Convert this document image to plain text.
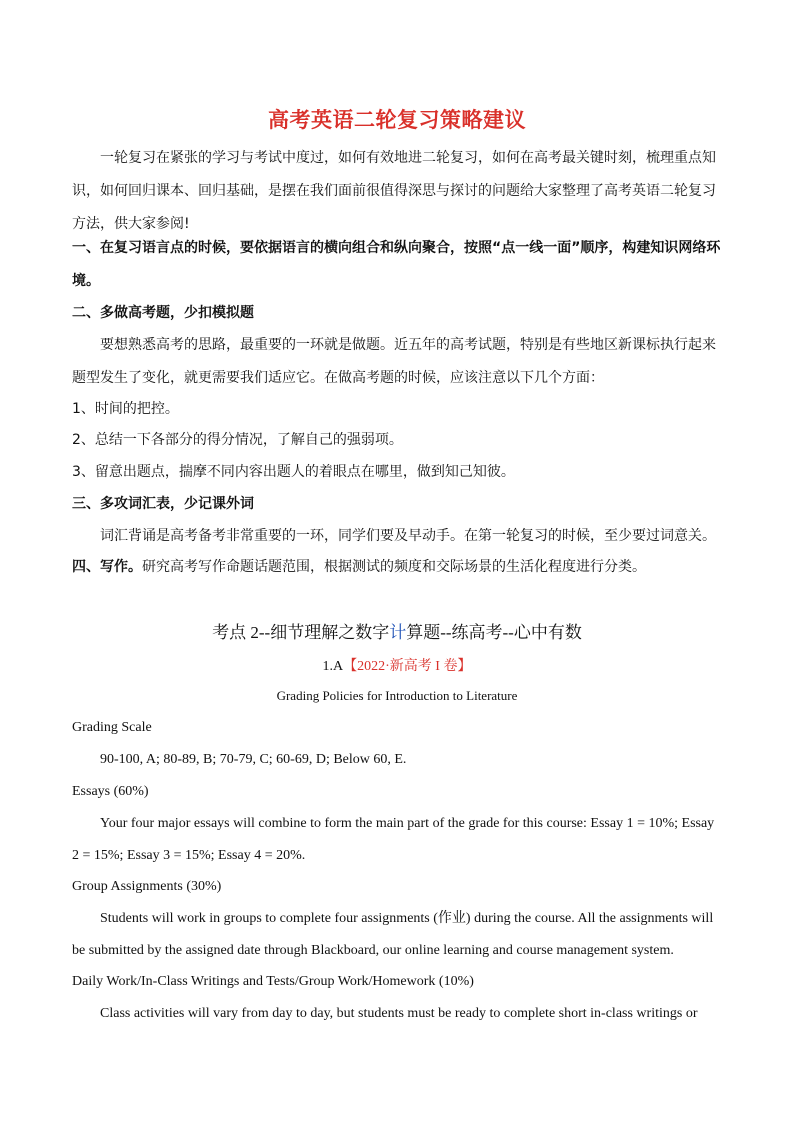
高考英语二轮复习策略建议
一轮复习在紧张的学习与考试中度过，如何有效地进二轮复习，如何在高考最关键时刻，梳理重点知识，如何回归课本、回归基础，是摆在我们面前很值得深思与探讨的问题给大家整理了高考英语二轮复习方法，供大家参阅!
一、在复习语言点的时候，要依据语言的横向组合和纵向聚合，按照“点一线一面”顺序，构建知识网络环境。
二、多做高考题，少扣模拟题
要想熟悉高考的思路，最重要的一环就是做题。近五年的高考试题，特别是有些地区新课标执行起来题型发生了变化，就更需要我们适应它。在做高考题的时候，应该注意以下几个方面：
1、时间的把控。
2、总结一下各部分的得分情况，了解自己的强弱项。
3、留意出题点，揣摩不同内容出题人的着眼点在哪里，做到知己知彼。
三、多攻词汇表，少记课外词
词汇背诵是高考备考非常重要的一环，同学们要及早动手。在第一轮复习的时候，至少要过词意关。
四、写作。研究高考写作命题话题范围，根据测试的频度和交际场景的生活化程度进行分类。
考点 2--细节理解之数字计算题--练高考--心中有数
1.A【2022·新高考 I 卷】
Grading Policies for Introduction to Literature
Grading Scale
90-100, A; 80-89, B; 70-79, C; 60-69, D; Below 60, E.
Essays (60%)
Your four major essays will combine to form the main part of the grade for this course: Essay 1 = 10%; Essay 2 = 15%; Essay 3 = 15%; Essay 4 = 20%.
Group Assignments (30%)
Students will work in groups to complete four assignments (作业) during the course. All the assignments will be submitted by the assigned date through Blackboard, our online learning and course management system.
Daily Work/In-Class Writings and Tests/Group Work/Homework (10%)
Class activities will vary from day to day, but students must be ready to complete short in-class writings or
